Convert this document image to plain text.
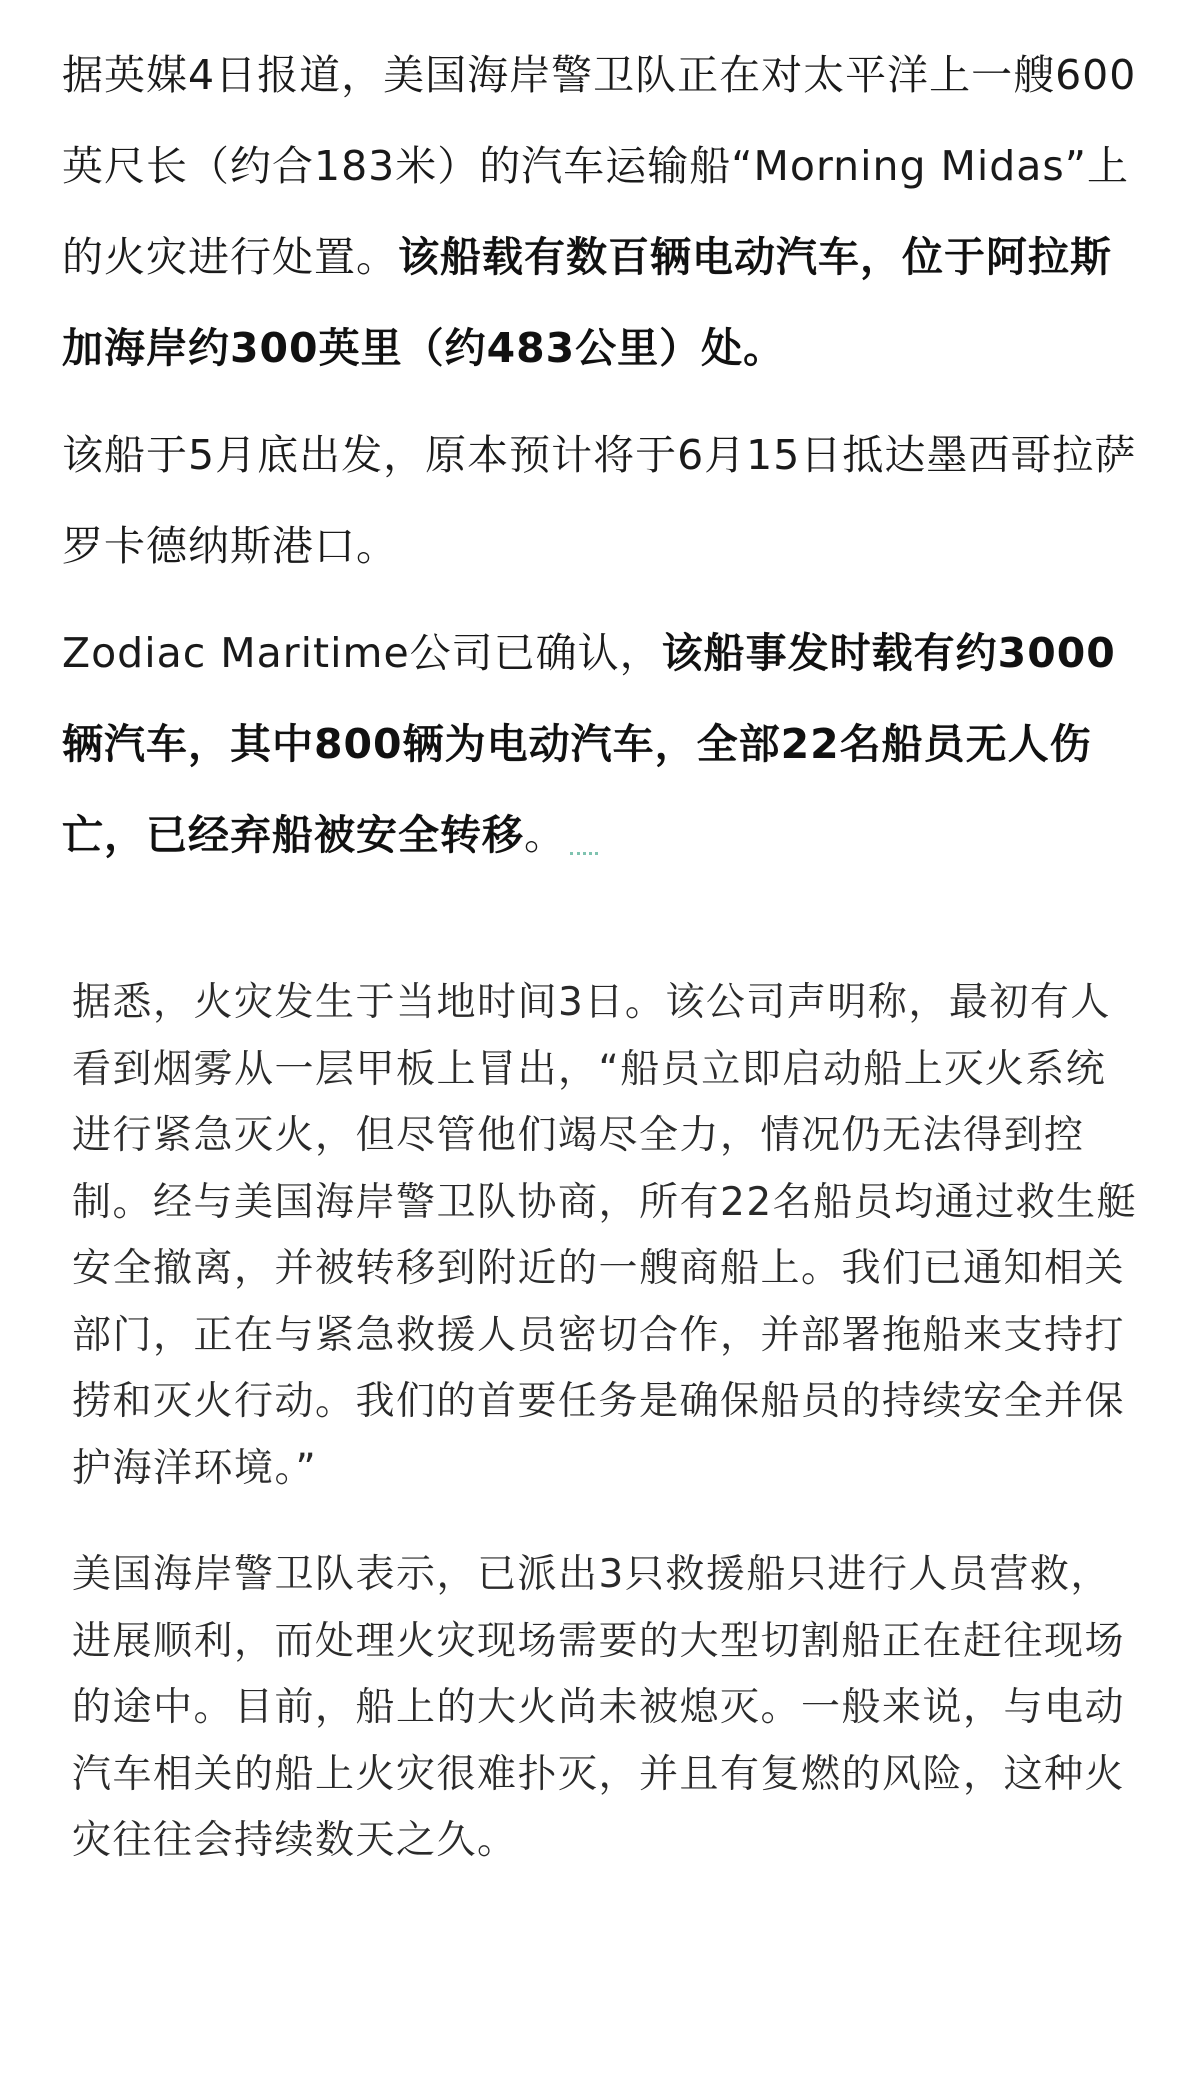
据英媒4日报道，美国海岸警卫队正在对太平洋上一艘600英尺长（约合183米）的汽车运输船“Morning Midas”上的火灾进行处置。该船载有数百辆电动汽车，位于阿拉斯加海岸约300英里（约483公里）处。

该船于5月底出发，原本预计将于6月15日抵达墨西哥拉萨罗卡德纳斯港口。

Zodiac Maritime公司已确认，该船事发时载有约3000辆汽车，其中800辆为电动汽车，全部22名船员无人伤亡，已经弃船被安全转移。

据悉，火灾发生于当地时间3日。该公司声明称，最初有人看到烟雾从一层甲板上冒出，“船员立即启动船上灭火系统进行紧急灭火，但尽管他们竭尽全力，情况仍无法得到控制。经与美国海岸警卫队协商，所有22名船员均通过救生艇安全撤离，并被转移到附近的一艘商船上。我们已通知相关部门，正在与紧急救援人员密切合作，并部署拖船来支持打捞和灭火行动。我们的首要任务是确保船员的持续安全并保护海洋环境。”

美国海岸警卫队表示，已派出3只救援船只进行人员营救，进展顺利，而处理火灾现场需要的大型切割船正在赶往现场的途中。目前，船上的大火尚未被熄灭。一般来说，与电动汽车相关的船上火灾很难扑灭，并且有复燃的风险，这种火灾往往会持续数天之久。
